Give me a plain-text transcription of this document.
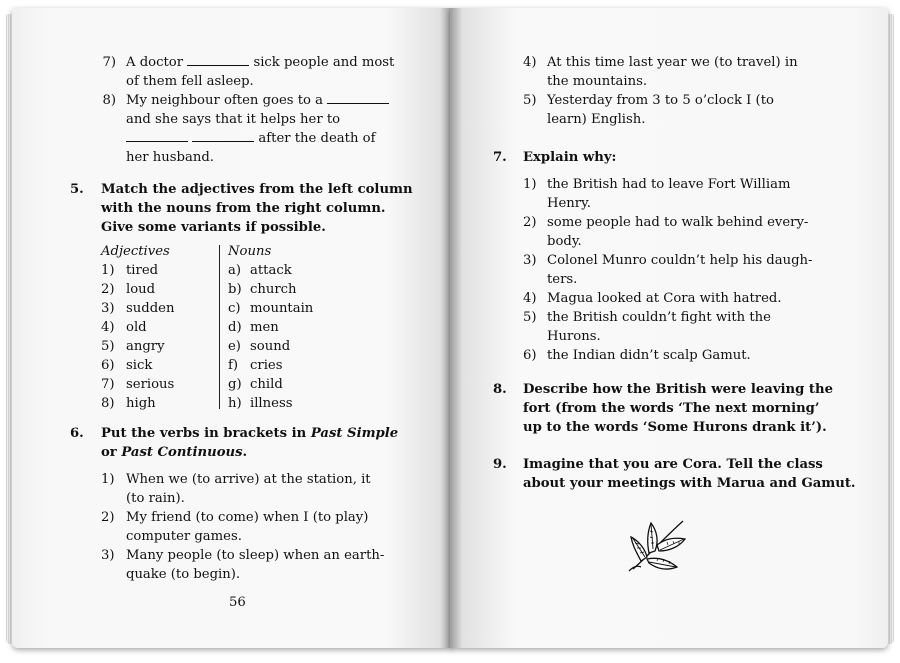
7) A doctor	sick people and most
of them fell asleep.
8) My neighbour often goes to a
and she says that it helps her to
after the death of
her husband.
5. Match the adjectives from the left column
with the nouns from the right column.
Give some variants if possible.
Adjectives	Nouns
1) tired
2) loud
3) sudden
4) old
5) angry
6) sick
7) serious
8) high
a) attack
b) church
c) mountain
d) men
e) sound
f) cries
g) child
h) illness
6. Put the verbs in brackets in Past Simple
or Past Continuous.
1) When we (to arrive) at the station, it
(to rain).
2) My friend (to come) when I (to play)
computer games.
3) Many people (to sleep) when an earth-
quake (to begin).
56
4) At this time last year we (to travel) in
the mountains.
5) Yesterday from 3 to 5 o’clock I (to
learn) English.
7. Explain why:
1) the British had to leave Fort William
Henry.
2) some people had to walk behind every-
body.
3) Colonel Munro couldn’t help his daugh-
ters.
4) Magua looked at Cora with hatred.
5) the British couldn’t fight with the
Hurons.
6) the Indian didn’t scalp Gamut.
8. Describe how the British were leaving the
fort (from the words ‘The next morning’
up to the words ‘Some Hurons drank it’).
9. Imagine that you are Cora. Tell the class
about your meetings with Marua and Gamut.
